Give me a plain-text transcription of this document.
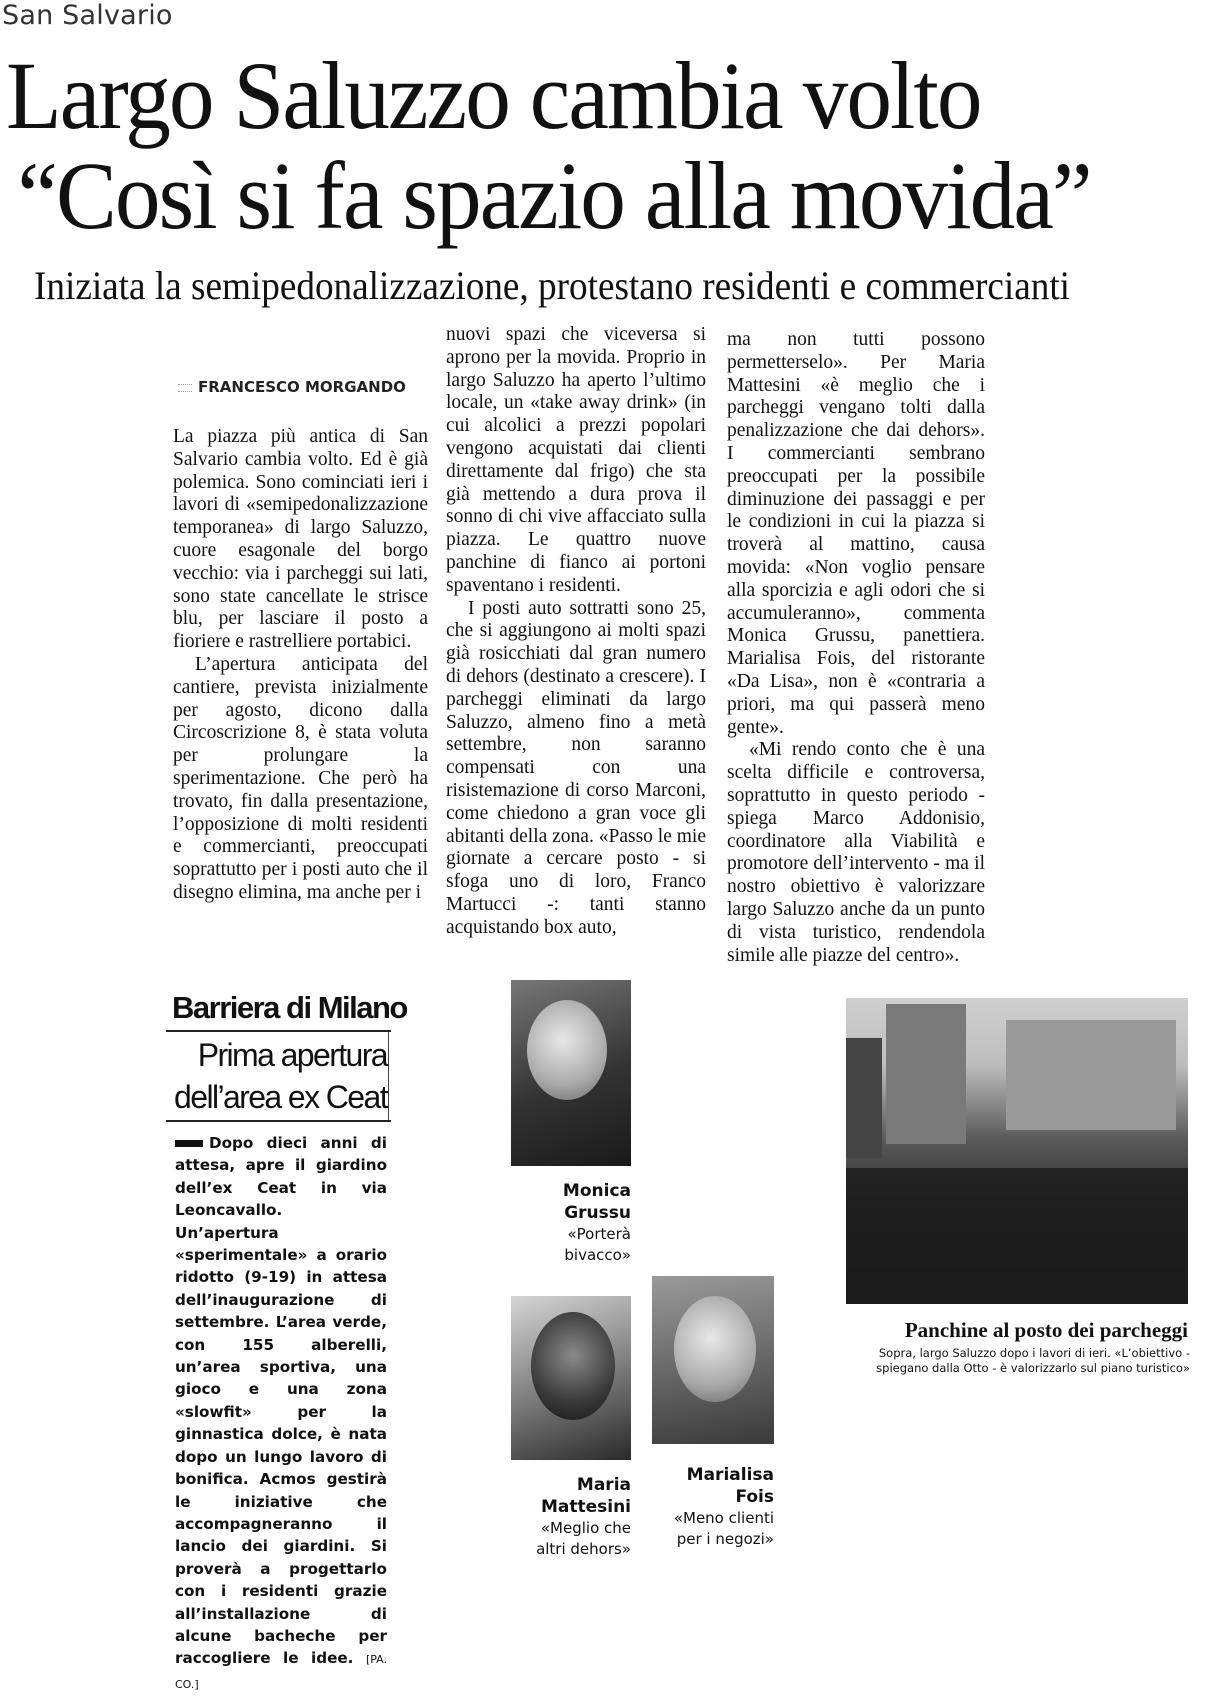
San Salvario
Largo Saluzzo cambia volto
“Così si fa spazio alla movida”
Iniziata la semipedonalizzazione, protestano residenti e commercianti
FRANCESCO MORGANDO

La piazza più antica di San Salvario cambia volto. Ed è già polemica. Sono cominciati ieri i lavori di «semipedonalizzazione temporanea» di largo Saluzzo, cuore esagonale del borgo vecchio: via i parcheggi sui lati, sono state cancellate le strisce blu, per lasciare il posto a fioriere e rastrelliere portabici.

L’apertura anticipata del cantiere, prevista inizialmente per agosto, dicono dalla Circoscrizione 8, è stata voluta per prolungare la sperimentazione. Che però ha trovato, fin dalla presentazione, l’opposizione di molti residenti e commercianti, preoccupati soprattutto per i posti auto che il disegno elimina, ma anche per i

nuovi spazi che viceversa si aprono per la movida. Proprio in largo Saluzzo ha aperto l’ultimo locale, un «take away drink» (in cui alcolici a prezzi popolari vengono acquistati dai clienti direttamente dal frigo) che sta già mettendo a dura prova il sonno di chi vive affacciato sulla piazza. Le quattro nuove panchine di fianco ai portoni spaventano i residenti.

I posti auto sottratti sono 25, che si aggiungono ai molti spazi già rosicchiati dal gran numero di dehors (destinato a crescere). I parcheggi eliminati da largo Saluzzo, almeno fino a metà settembre, non saranno compensati con una risistemazione di corso Marconi, come chiedono a gran voce gli abitanti della zona. «Passo le mie giornate a cercare posto - si sfoga uno di loro, Franco Martucci -: tanti stanno acquistando box auto,

ma non tutti possono permetterselo». Per Maria Mattesini «è meglio che i parcheggi vengano tolti dalla penalizzazione che dai dehors». I commercianti sembrano preoccupati per la possibile diminuzione dei passaggi e per le condizioni in cui la piazza si troverà al mattino, causa movida: «Non voglio pensare alla sporcizia e agli odori che si accumuleranno», commenta Monica Grussu, panettiera. Marialisa Fois, del ristorante «Da Lisa», non è «contraria a priori, ma qui passerà meno gente».

«Mi rendo conto che è una scelta difficile e controversa, soprattutto in questo periodo - spiega Marco Addonisio, coordinatore alla Viabilità e promotore dell’intervento - ma il nostro obiettivo è valorizzare largo Saluzzo anche da un punto di vista turistico, rendendola simile alle piazze del centro».

Barriera di Milano
Prima apertura
dell’area ex Ceat
Dopo dieci anni di attesa, apre il giardino dell’ex Ceat in via Leoncavallo. Un’apertura «sperimentale» a orario ridotto (9-19) in attesa dell’inaugurazione di settembre. L’area verde, con 155 alberelli, un’area sportiva, una gioco e una zona «slowfit» per la ginnastica dolce, è nata dopo un lungo lavoro di bonifica. Acmos gestirà le iniziative che accompagneranno il lancio dei giardini. Si proverà a progettarlo con i residenti grazie all’installazione di alcune bacheche per raccogliere le idee. [PA. CO.]
Monica
Grussu
«Porterà
bivacco»
Maria
Mattesini
«Meglio che
altri dehors»
Marialisa
Fois
«Meno clienti
per i negozi»
Panchine al posto dei parcheggi
Sopra, largo Saluzzo dopo i lavori di ieri. «L’obiettivo -
spiegano dalla Otto - è valorizzarlo sul piano turistico»
